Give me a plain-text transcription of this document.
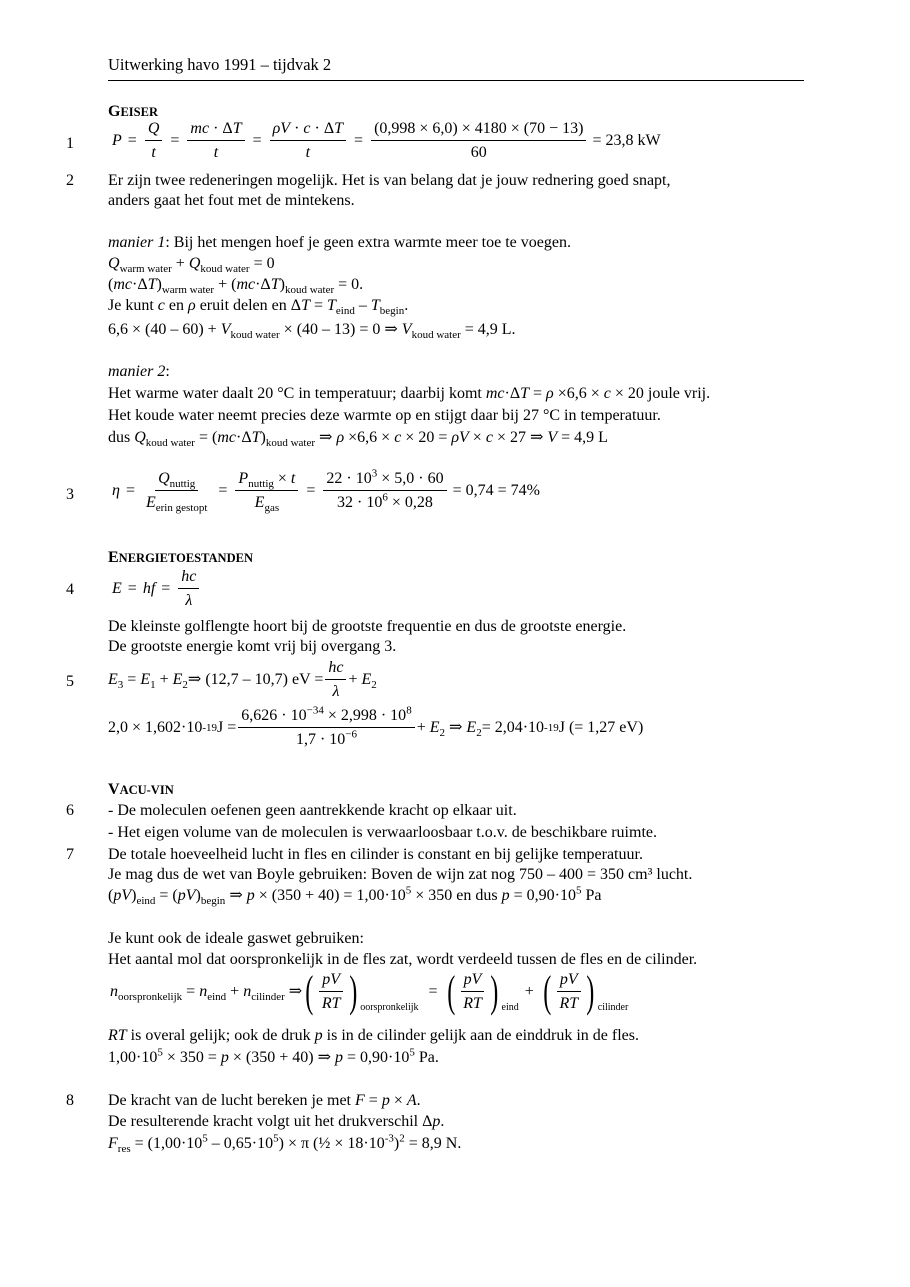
Uitwerking havo 1991 – tijdvak 2
GEISER
1 $P = \frac{Q}{t} = \frac{mc \cdot \Delta T}{t} = \frac{\rho V \cdot c \cdot \Delta T}{t} = \frac{(0,998 \times 6,0) \times 4180 \times (70 - 13)}{60} = 23,8$ kW
2 Er zijn twee redeneringen mogelijk. Het is van belang dat je jouw rednering goed snapt,
anders gaat het fout met de mintekens.
manier 1: Bij het mengen hoef je geen extra warmte meer toe te voegen.
$Q_{warm water} + Q_{koud water} = 0$
$(mc\cdot\Delta T)_{warm water} + (mc\cdot\Delta T)_{koud water} = 0$.
Je kunt c en ρ eruit delen en $\Delta T = T_{eind} - T_{begin}$.
$6,6 \times (40 - 60) + V_{koud water} \times (40 - 13) = 0$ ⇒ $V_{koud water} = 4,9$ L.
manier 2:
Het warme water daalt 20 °C in temperatuur; daarbij komt mc·ΔT = ρ ×6,6 × c × 20 joule vrij.
Het koude water neemt precies deze warmte op en stijgt daar bij 27 °C in temperatuur.
dus $Q_{koud water} = (mc\cdot\Delta T)_{koud water}$ ⇒ ρ ×6,6 × c × 20 = ρV × c × 27 ⇒ V = 4,9 L
3 $\eta = \frac{Q_{nuttig}}{E_{erin gestopt}} = \frac{P_{nuttig} \times t}{E_{gas}} = \frac{22 \cdot 10^3 \times 5,0 \cdot 60}{32 \cdot 10^6 \times 0,28} = 0,74 = 74\%$
ENERGIETOESTANDEN
4 E = hf = $\frac{hc}{\lambda}$
De kleinste golflengte hoort bij de grootste frequentie en dus de grootste energie.
De grootste energie komt vrij bij overgang 3.
5 $E_3 = E_1 + E_2$ ⇒ (12,7 – 10,7) eV = $\frac{hc}{\lambda} + E_2$
2,0 × 1,602·10 -19 $J = \frac{6,626 \cdot 10^{-34} \times 2,998 \cdot 10^8}{1,7 \cdot 10^{-6}} + E_2$ ⇒ $E_2 = 2,04\cdot 10$ -19 J (= 1,27 eV)
VACU-VIN
6 - De moleculen oefenen geen aantrekkende kracht op elkaar uit.
- Het eigen volume van de moleculen is verwaarloosbaar t.o.v. de beschikbare ruimte.
7 De totale hoeveelheid lucht in fles en cilinder is constant en bij gelijke temperatuur.
Je mag dus de wet van Boyle gebruiken: Boven de wijn zat nog 750 – 400 = 350 cm³ lucht.
$(pV)_{eind} = (pV)_{begin}$ ⇒ $p \times (350 + 40) = 1,00\cdot 10^5 \times 350$ en dus $p = 0,90\cdot 10^5$ Pa
Je kunt ook de ideale gaswet gebruiken:
Het aantal mol dat oorspronkelijk in de fles zat, wordt verdeeld tussen de fles en de cilinder.
$n_{oorspronkelijk} = n_{eind} + n_{cilinder}$ ⇒ ( $\frac{pV}{RT}$ ) oorspronkelijk
= ( $\frac{pV}{RT}$ ) eind
+ ( $\frac{pV}{RT}$ ) cilinder
RT is overal gelijk; ook de druk p is in de cilinder gelijk aan de einddruk in de fles.
$1,00\cdot 10^5 \times 350 = p \times (350 + 40)$ ⇒ $p = 0,90\cdot 10^5$ Pa.
8 De kracht van de lucht bereken je met F = p × A.
De resulterende kracht volgt uit het drukverschil Δp.
$F_{res} = (1,00\cdot 10^5 - 0,65\cdot 10^5) \times \pi$ (½ × $18\cdot 10^{-3})^2 = 8,9$ N.
